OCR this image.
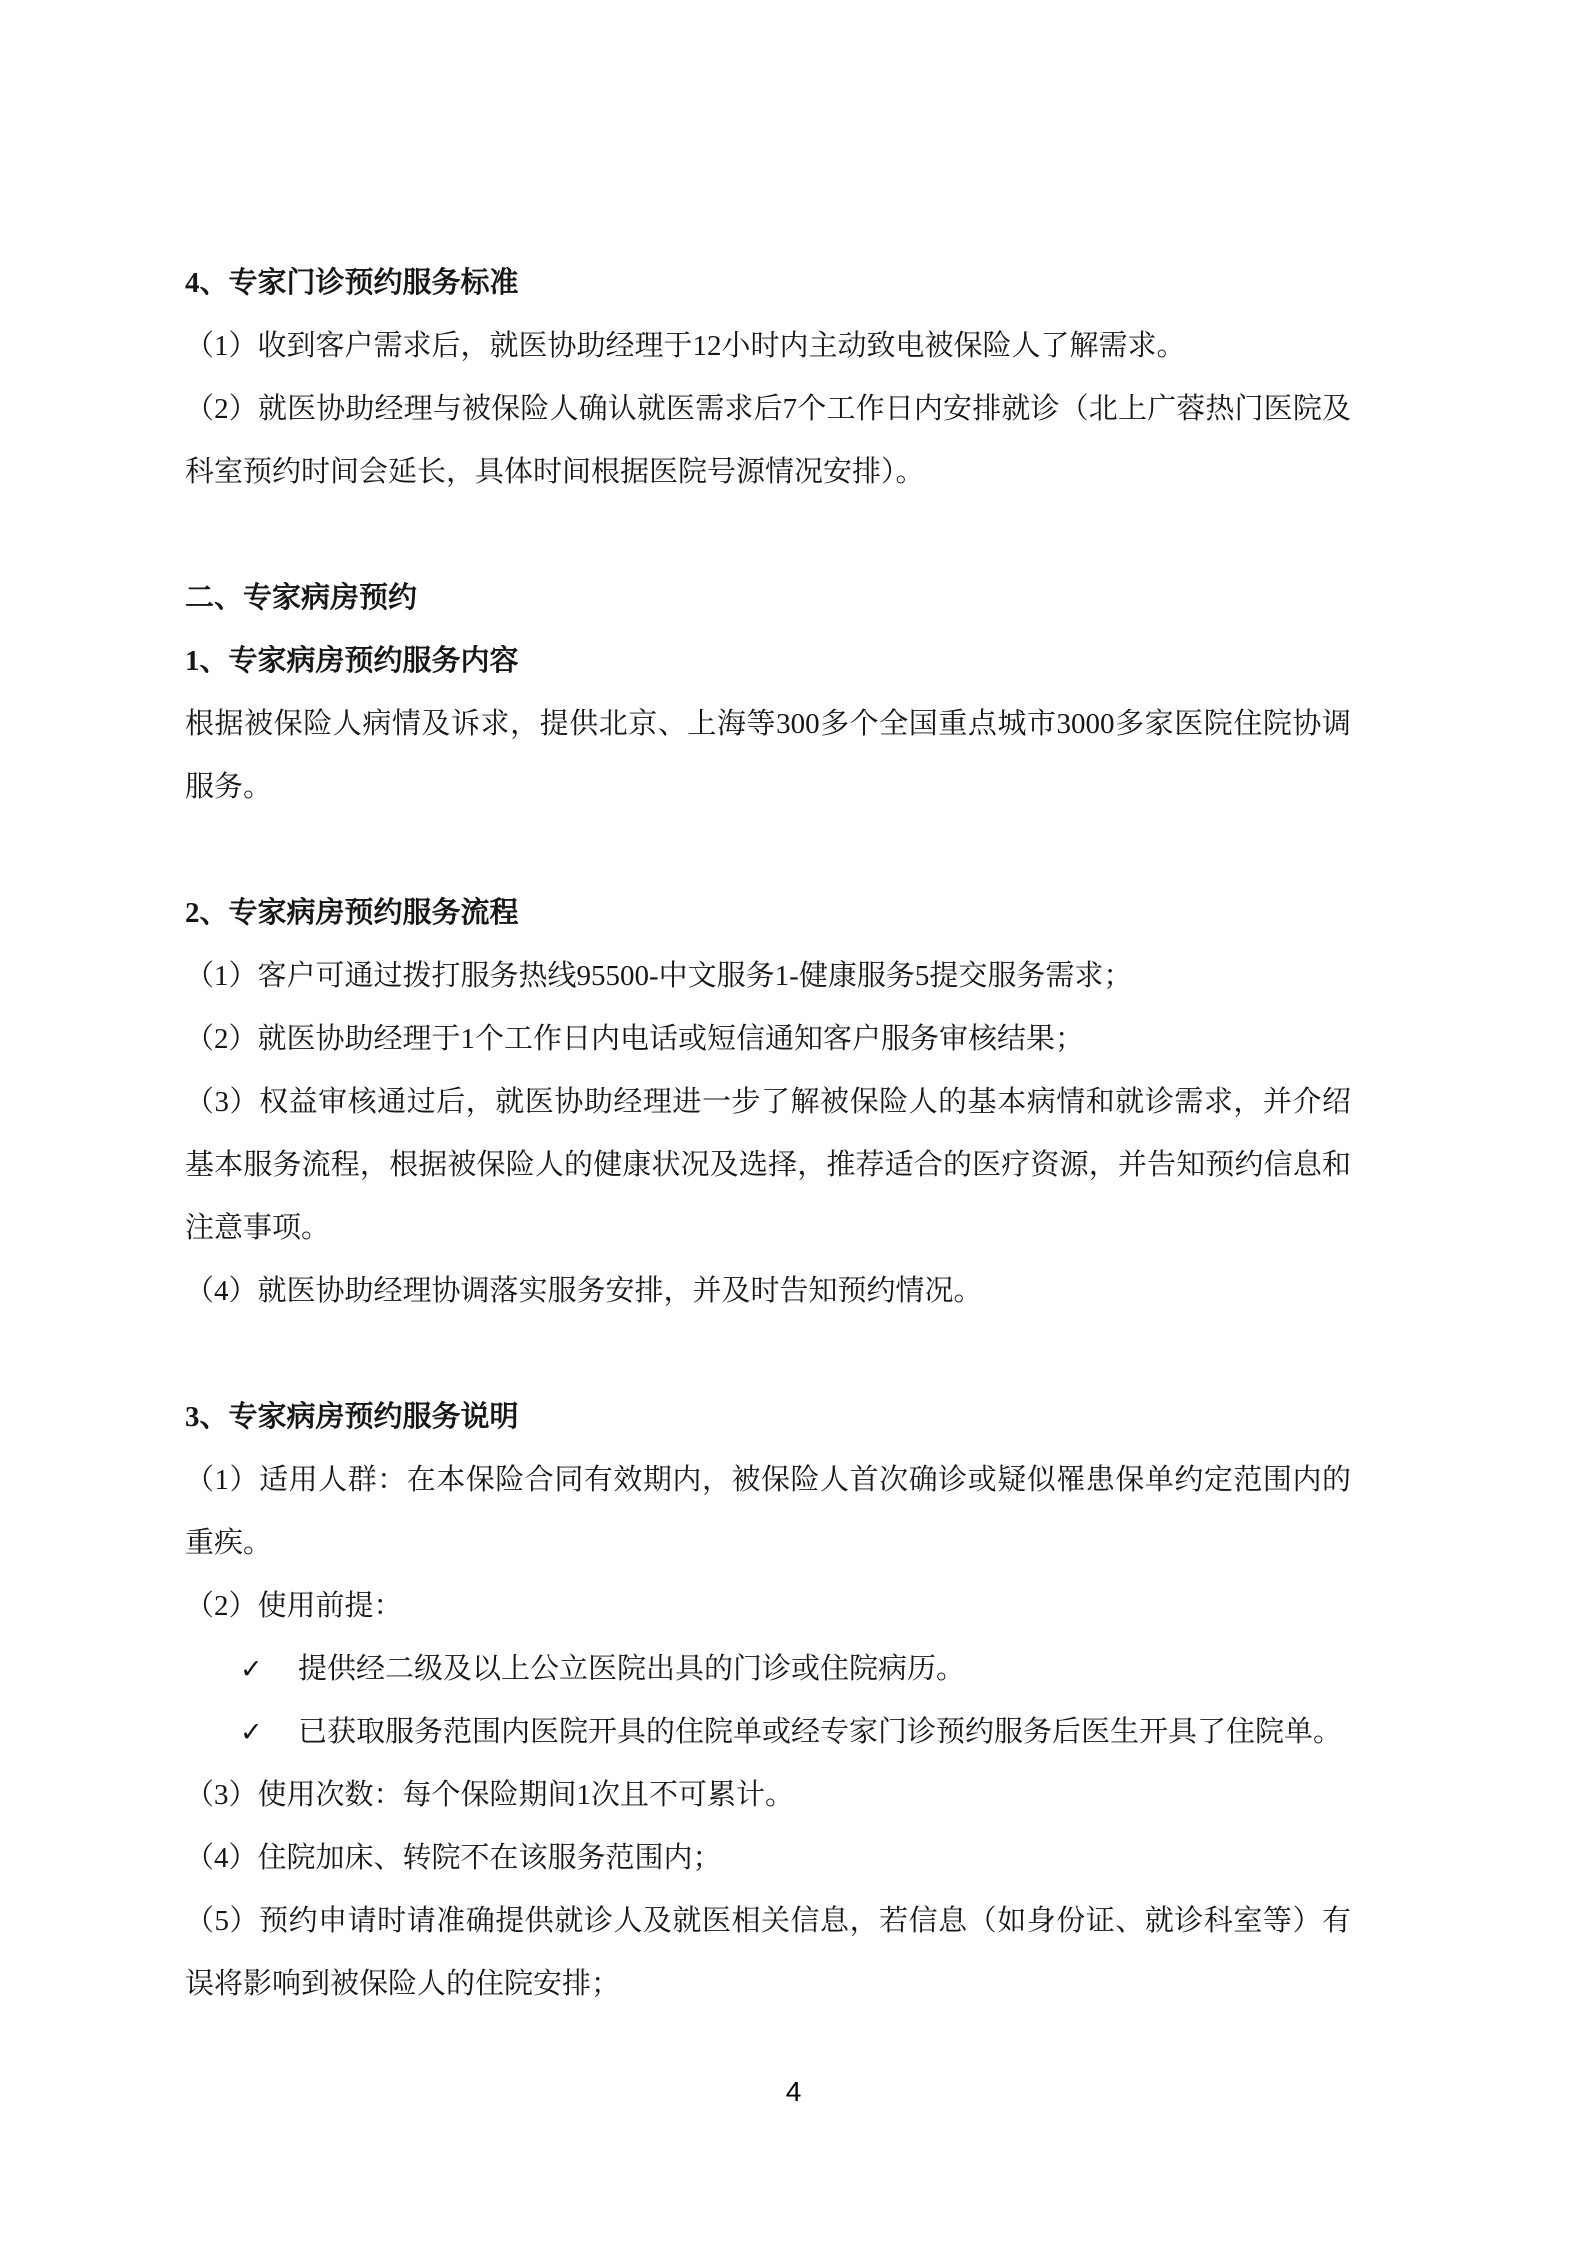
4、专家门诊预约服务标准

（1）收到客户需求后，就医协助经理于12小时内主动致电被保险人了解需求。

（2）就医协助经理与被保险人确认就医需求后7个工作日内安排就诊（北上广蓉热门医院及科室预约时间会延长，具体时间根据医院号源情况安排）。

二、专家病房预约
1、专家病房预约服务内容

根据被保险人病情及诉求，提供北京、上海等300多个全国重点城市3000多家医院住院协调服务。

2、专家病房预约服务流程

（1）客户可通过拨打服务热线95500-中文服务1-健康服务5提交服务需求；

（2）就医协助经理于1个工作日内电话或短信通知客户服务审核结果；

（3）权益审核通过后，就医协助经理进一步了解被保险人的基本病情和就诊需求，并介绍基本服务流程，根据被保险人的健康状况及选择，推荐适合的医疗资源，并告知预约信息和注意事项。

（4）就医协助经理协调落实服务安排，并及时告知预约情况。

3、专家病房预约服务说明

（1）适用人群：在本保险合同有效期内，被保险人首次确诊或疑似罹患保单约定范围内的重疾。

（2）使用前提：

✓	提供经二级及以上公立医院出具的门诊或住院病历。
✓	已获取服务范围内医院开具的住院单或经专家门诊预约服务后医生开具了住院单。

（3）使用次数：每个保险期间1次且不可累计。

（4）住院加床、转院不在该服务范围内；

（5）预约申请时请准确提供就诊人及就医相关信息，若信息（如身份证、就诊科室等）有误将影响到被保险人的住院安排；

4
